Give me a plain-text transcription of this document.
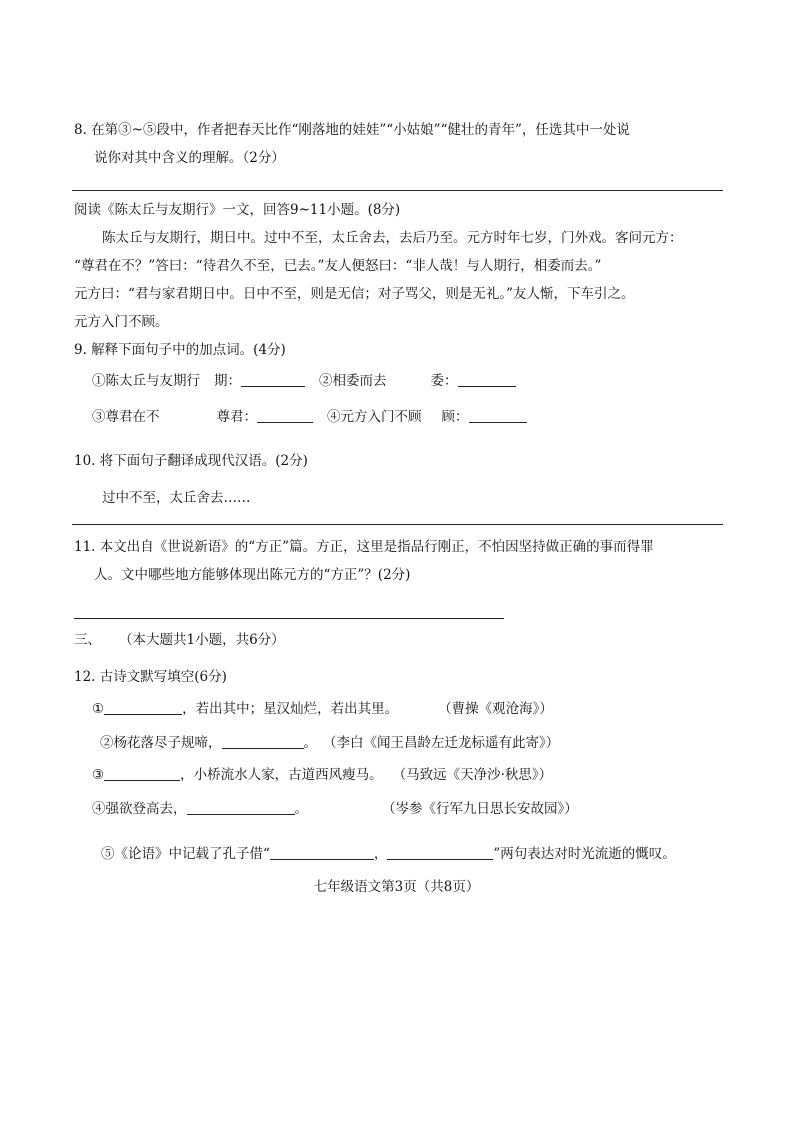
8. 在第③~⑤段中，作者把春天比作“刚落地的娃娃”“小姑娘”“健壮的青年”，任选其中一处说
说你对其中含义的理解。（2分）
阅读《陈太丘与友期行》一文，回答9~11小题。(8分)
陈太丘与友期行，期日中。过中不至，太丘舍去，去后乃至。元方时年七岁，门外戏。客问元方：
“尊君在不？”答曰：“待君久不至，已去。”友人便怒曰：“非人哉！与人期行，相委而去。”
元方曰：“君与家君期日中。日中不至，则是无信；对子骂父，则是无礼。”友人惭，下车引之。
元方入门不顾。
9. 解释下面句子中的加点词。(4分)
①陈太丘与友期行 期：	②相委而去	委：
③尊君在不	尊君：	④元方入门不顾 顾：
10. 将下面句子翻译成现代汉语。(2分)
过中不至，太丘舍去……
11. 本文出自《世说新语》的“方正”篇。方正，这里是指品行刚正，不怕因坚持做正确的事而得罪
人。文中哪些地方能够体现出陈元方的“方正”？(2分)
三、 （本大题共1小题，共6分）
12. 古诗文默写填空(6分)
①	，若出其中；星汉灿烂，若出其里。	（曹操《观沧海》）
②杨花落尽子规啼，	。 （李白《闻王昌龄左迁龙标遥有此寄》）
③	，小桥流水人家，古道西风瘦马。 （马致远《天净沙·秋思》）
④强欲登高去，	。	（岑参《行军九日思长安故园》）
⑤《论语》中记载了孔子借“	，	”两句表达对时光流逝的慨叹。
七年级语文第3页（共8页）
